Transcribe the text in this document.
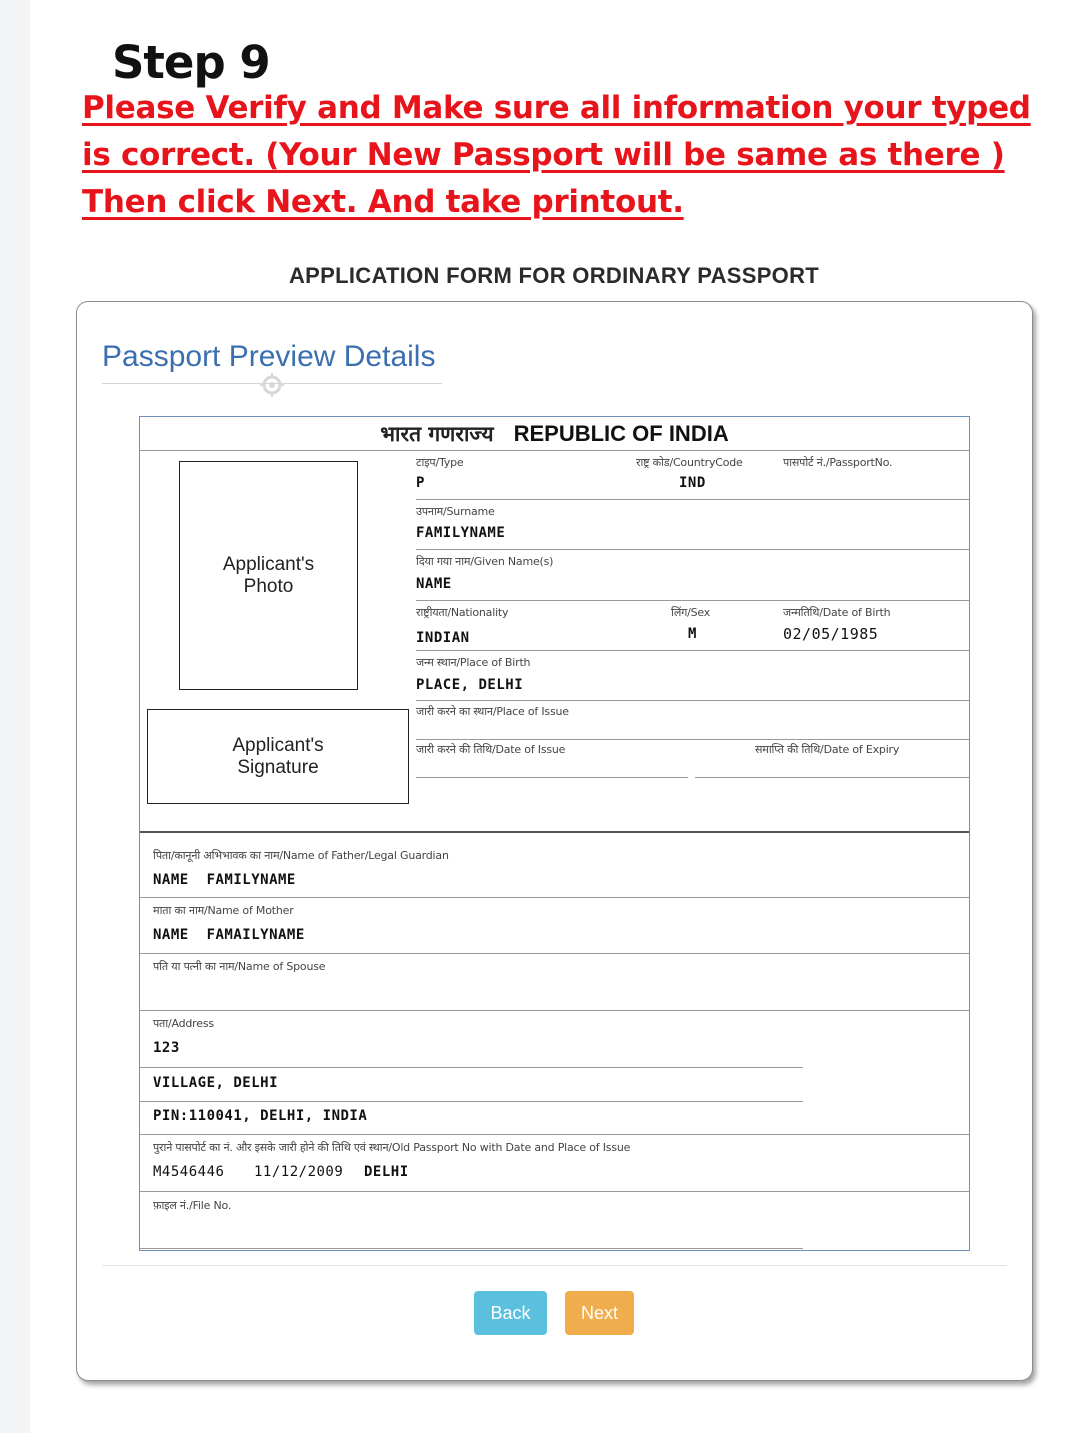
Step 9
Please Verify and Make sure all information your typed
is correct. (Your New Passport will be same as there )
Then click Next. And take printout.
APPLICATION FORM FOR ORDINARY PASSPORT
Passport Preview Details
भारत गणराज्य REPUBLIC OF INDIA
Applicant's
Photo
Applicant's
Signature
टाइप/Type
P
राष्ट्र कोड/CountryCode
IND
पासपोर्ट नं./PassportNo.
उपनाम/Surname
FAMILYNAME
दिया गया नाम/Given Name(s)
NAME
राष्ट्रीयता/Nationality
INDIAN
लिंग/Sex
M
जन्मतिथि/Date of Birth
02/05/1985
जन्म स्थान/Place of Birth
PLACE, DELHI
जारी करने का स्थान/Place of Issue
जारी करने की तिथि/Date of Issue	समाप्ति की तिथि/Date of Expiry
पिता/कानूनी अभिभावक का नाम/Name of Father/Legal Guardian
NAME  FAMILYNAME
माता का नाम/Name of Mother
NAME  FAMAILYNAME
पति या पत्नी का नाम/Name of Spouse
पता/Address
123
VILLAGE, DELHI
PIN:110041, DELHI, INDIA
पुराने पासपोर्ट का नं. और इसके जारी होने की तिथि एवं स्थान/Old Passport No with Date and Place of Issue
M4546446 11/12/2009 DELHI
फ़ाइल नं./File No.
Back	Next
